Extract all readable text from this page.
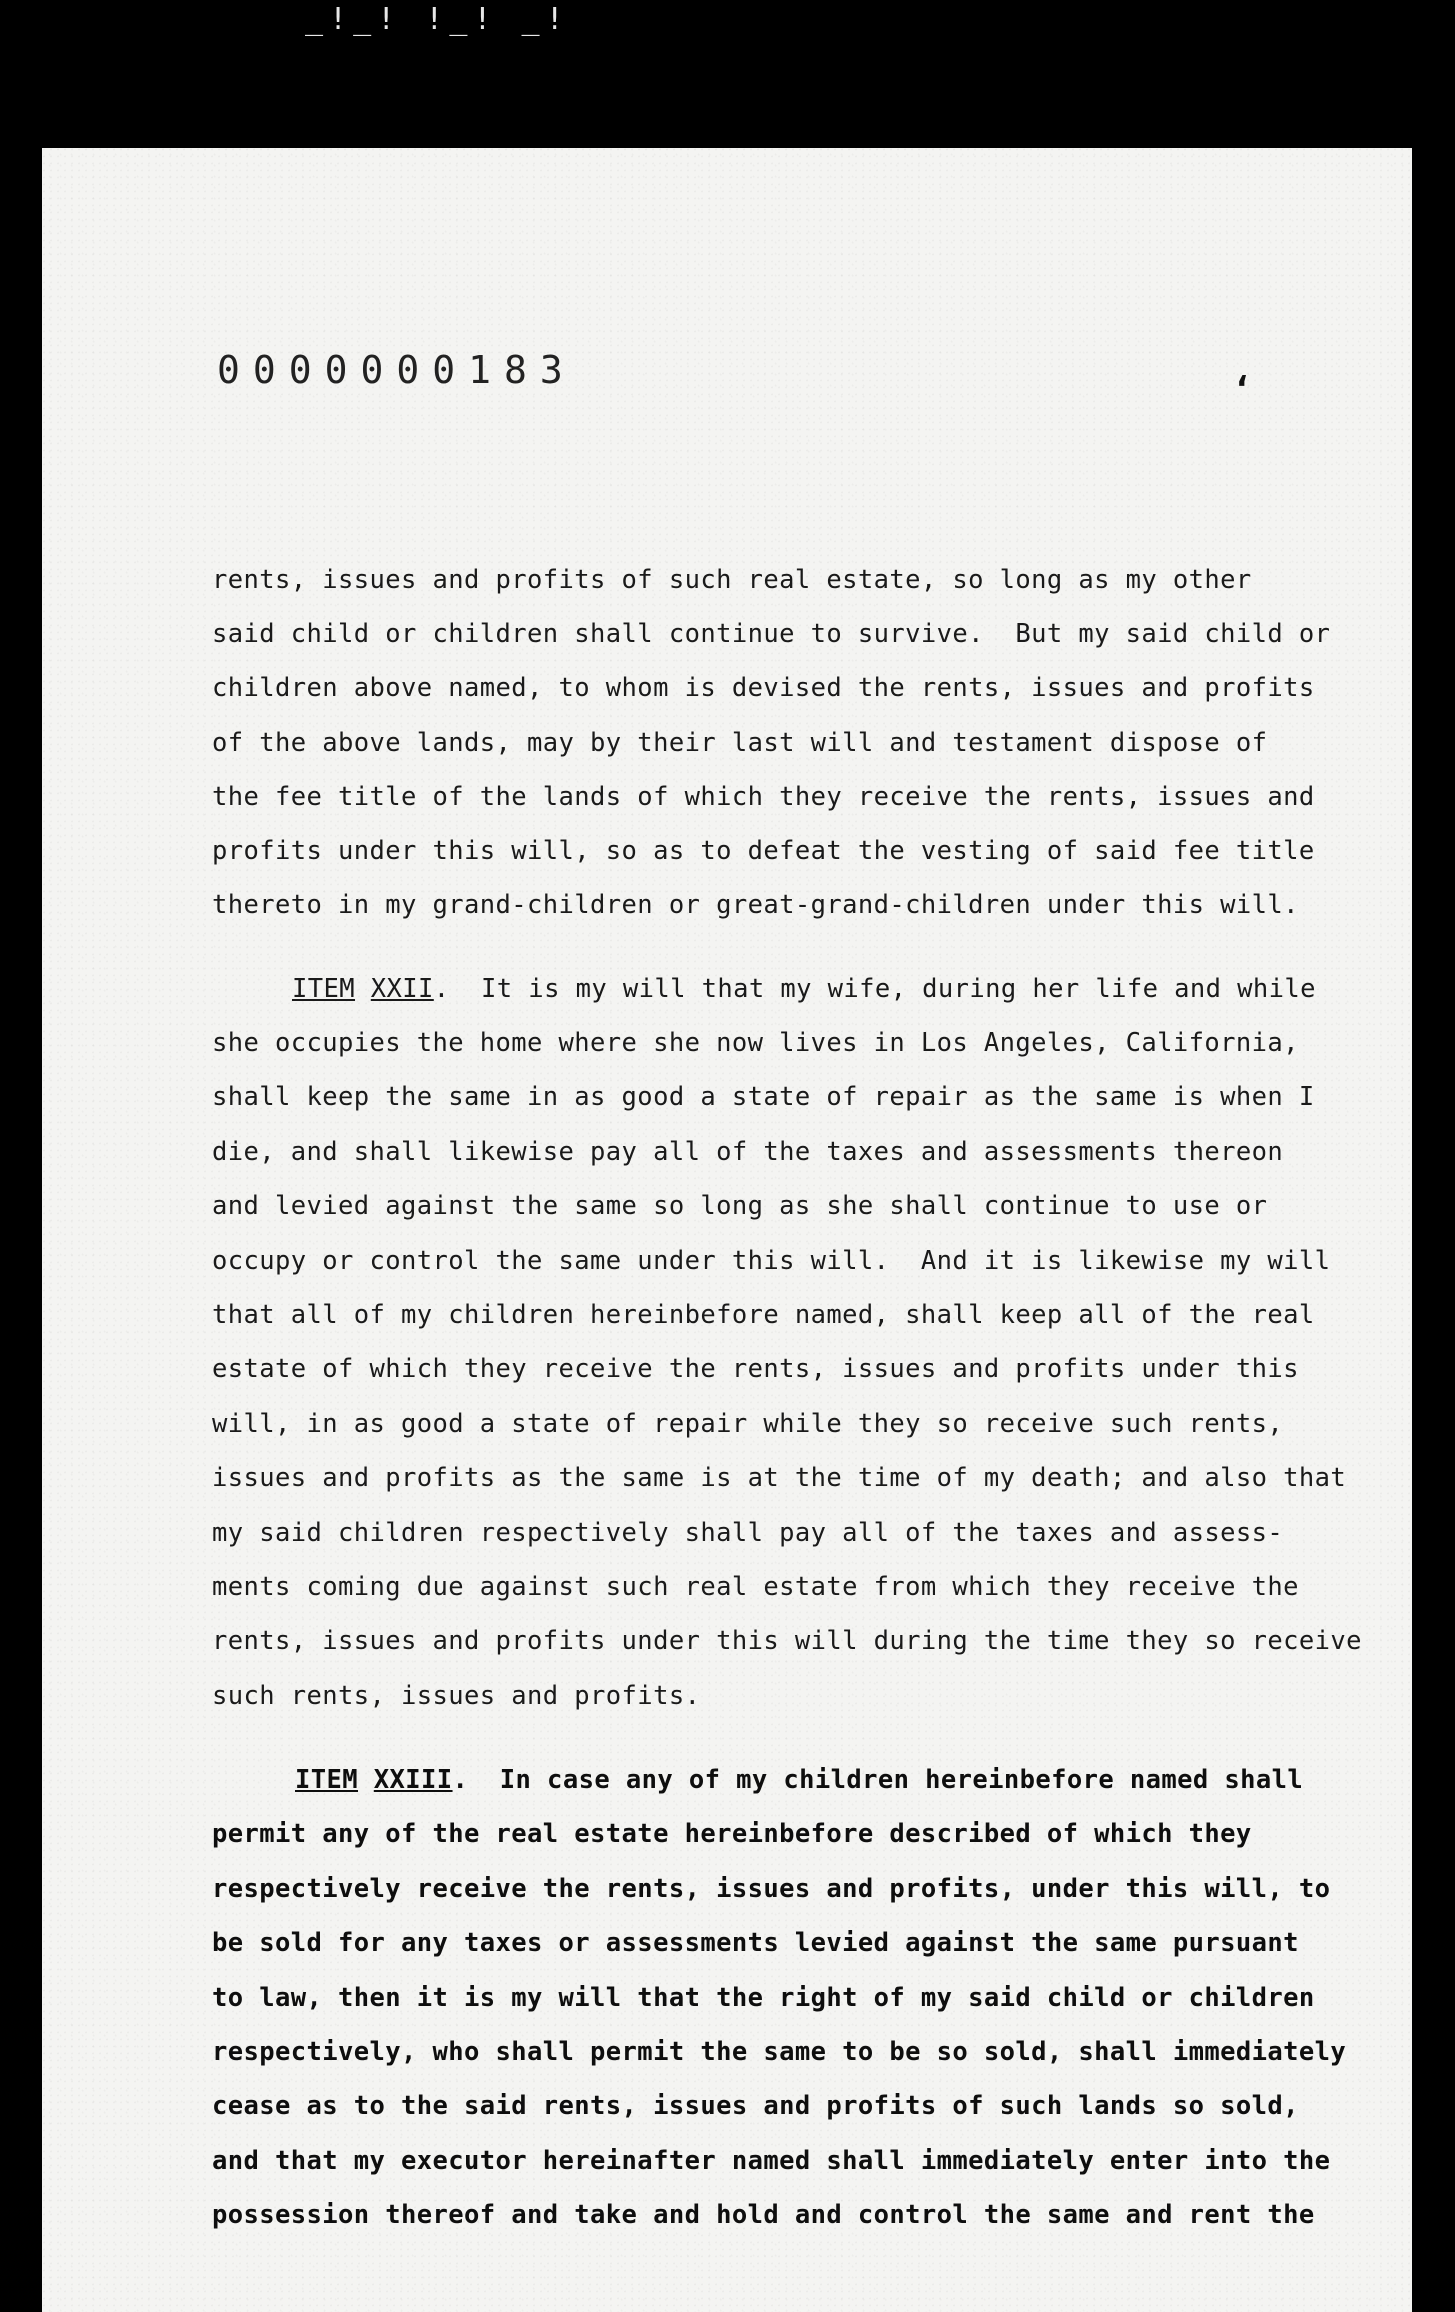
_!_! !_! _!
0000000183	‘
rents, issues and profits of such real estate, so long as my other
said child or children shall continue to survive.  But my said child or
children above named, to whom is devised the rents, issues and profits
of the above lands, may by their last will and testament dispose of
the fee title of the lands of which they receive the rents, issues and
profits under this will, so as to defeat the vesting of said fee title
thereto in my grand-children or great-grand-children under this will.
ITEM XXII.  It is my will that my wife, during her life and while
she occupies the home where she now lives in Los Angeles, California,
shall keep the same in as good a state of repair as the same is when I
die, and shall likewise pay all of the taxes and assessments thereon
and levied against the same so long as she shall continue to use or
occupy or control the same under this will.  And it is likewise my will
that all of my children hereinbefore named, shall keep all of the real
estate of which they receive the rents, issues and profits under this
will, in as good a state of repair while they so receive such rents,
issues and profits as the same is at the time of my death; and also that
my said children respectively shall pay all of the taxes and assess-
ments coming due against such real estate from which they receive the
rents, issues and profits under this will during the time they so receive
such rents, issues and profits.
ITEM XXIII.  In case any of my children hereinbefore named shall
permit any of the real estate hereinbefore described of which they
respectively receive the rents, issues and profits, under this will, to
be sold for any taxes or assessments levied against the same pursuant
to law, then it is my will that the right of my said child or children
respectively, who shall permit the same to be so sold, shall immediately
cease as to the said rents, issues and profits of such lands so sold,
and that my executor hereinafter named shall immediately enter into the
possession thereof and take and hold and control the same and rent the
